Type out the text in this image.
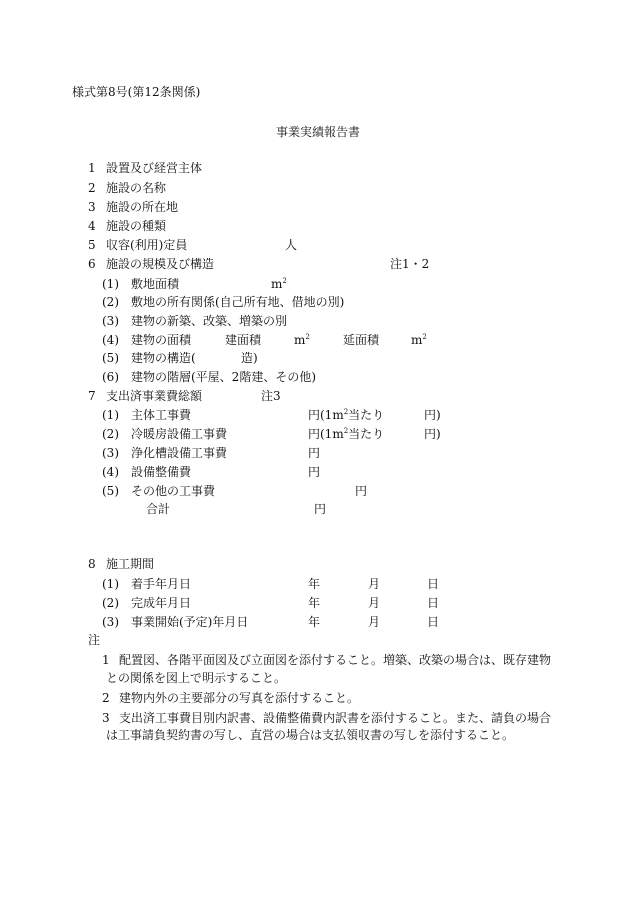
様式第8号(第12条関係)
事業実績報告書
1 設置及び経営主体
2 施設の名称
3 施設の所在地
4 施設の種類
5 収容(利用)定員	人
6 施設の規模及び構造	注1・2
(1) 敷地面積	$m^2$
(2) 敷地の所有関係(自己所有地、借地の別)
(3) 建物の新築、改築、増築の別
(4) 建物の面積	建面積	$m^2$	延面積	$m^2$
(5) 建物の構造(	造)
(6) 建物の階層(平屋、2階建、その他)
7 支出済事業費総額	注3
(1) 主体工事費	円($1m^2$当たり	円)
(2) 冷暖房設備工事費	円($1m^2$当たり	円)
(3) 浄化槽設備工事費	円
(4) 設備整備費	円
(5) その他の工事費	円
合計	円
8 施工期間
(1) 着手年月日	年	月	日
(2) 完成年月日	年	月	日
(3) 事業開始(予定)年月日	年	月	日
注
1 配置図、各階平面図及び立面図を添付すること。増築、改築の場合は、既存建物
との関係を図上で明示すること。
2 建物内外の主要部分の写真を添付すること。
3 支出済工事費目別内訳書、設備整備費内訳書を添付すること。また、請負の場合
は工事請負契約書の写し、直営の場合は支払領収書の写しを添付すること。
